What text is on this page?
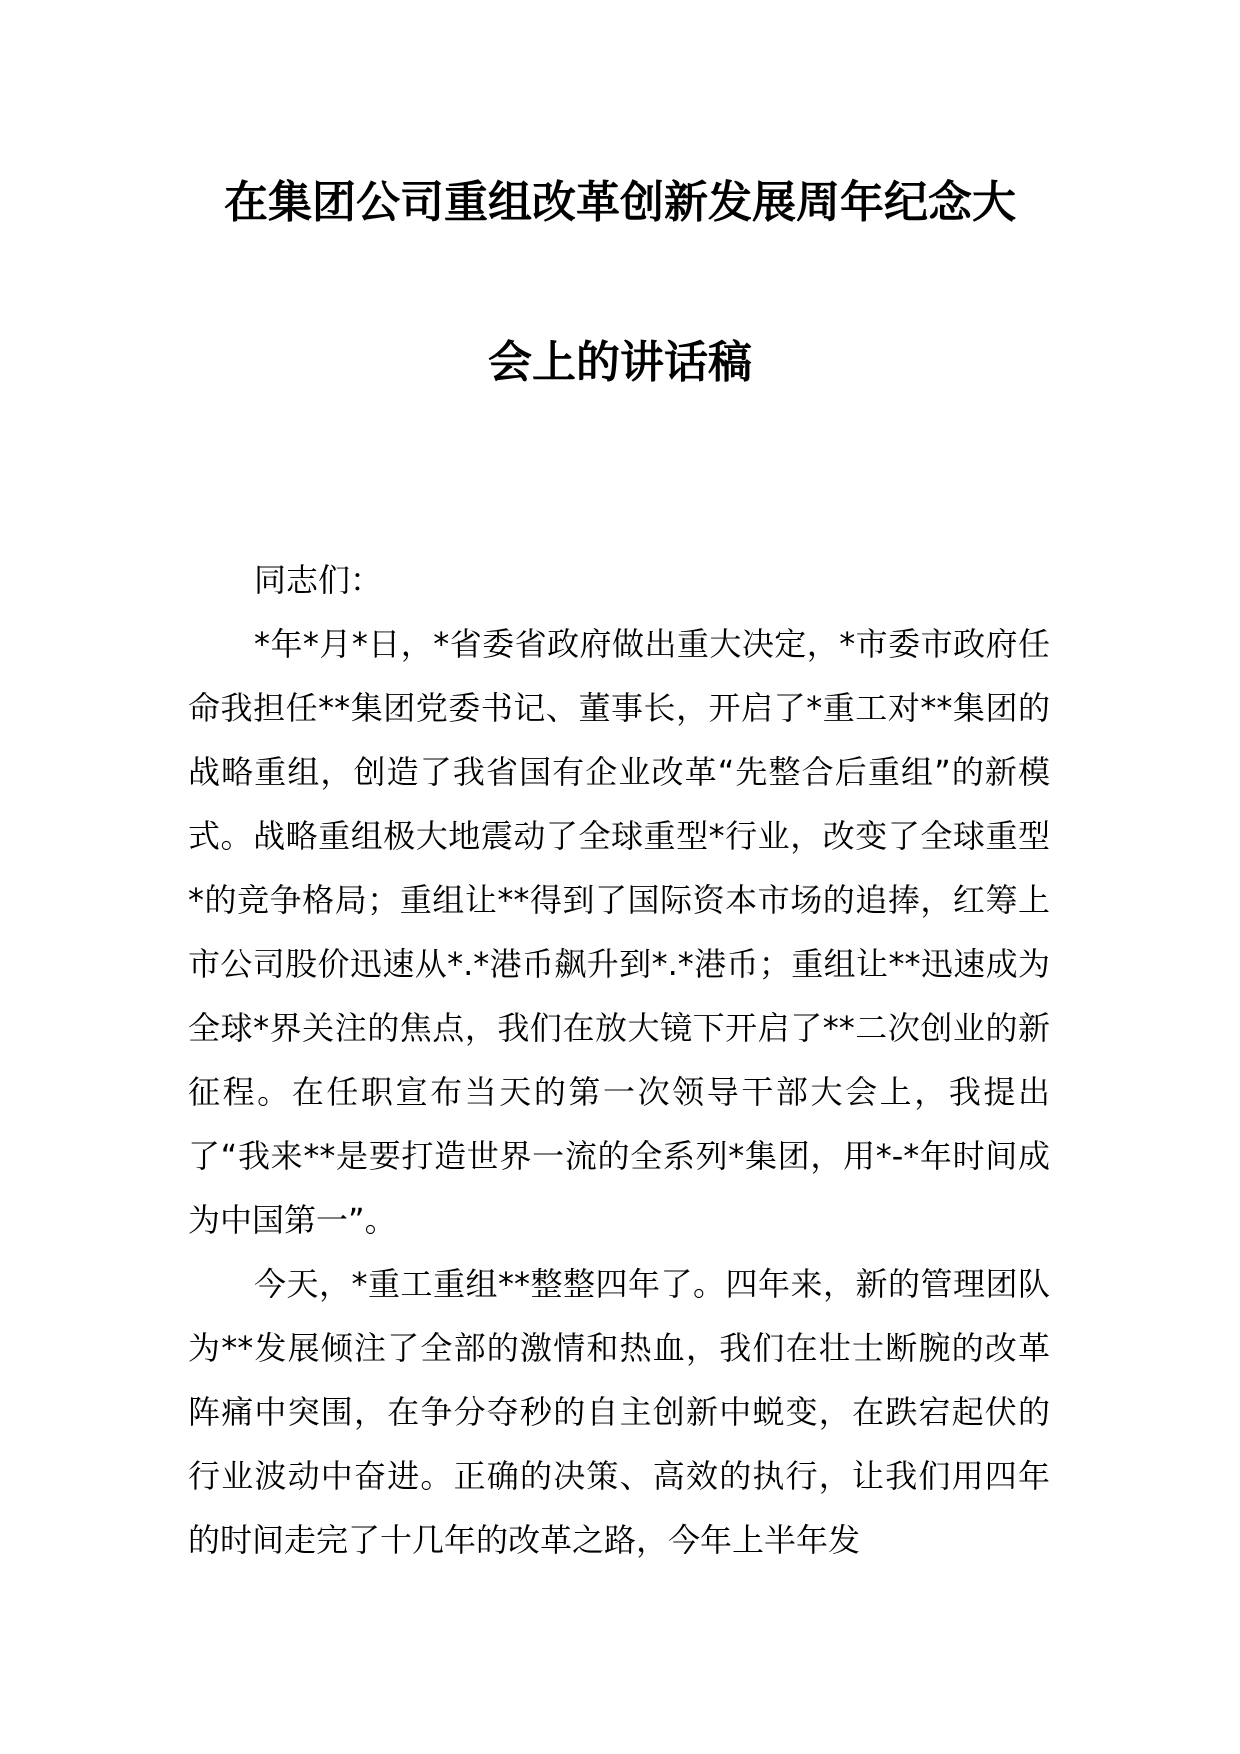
在集团公司重组改革创新发展周年纪念大
会上的讲话稿

同志们：

*年*月*日，*省委省政府做出重大决定，*市委市政府任命我担任**集团党委书记、董事长，开启了*重工对**集团的战略重组，创造了我省国有企业改革“先整合后重组”的新模式。战略重组极大地震动了全球重型*行业，改变了全球重型*的竞争格局；重组让**得到了国际资本市场的追捧，红筹上市公司股价迅速从*.*港币飙升到*.*港币；重组让**迅速成为全球*界关注的焦点，我们在放大镜下开启了**二次创业的新征程。在任职宣布当天的第一次领导干部大会上，我提出了“我来**是要打造世界一流的全系列*集团，用*-*年时间成为中国第一”。

今天，*重工重组**整整四年了。四年来，新的管理团队为**发展倾注了全部的激情和热血，我们在壮士断腕的改革阵痛中突围，在争分夺秒的自主创新中蜕变，在跌宕起伏的行业波动中奋进。正确的决策、高效的执行，让我们用四年的时间走完了十几年的改革之路，今年上半年发
